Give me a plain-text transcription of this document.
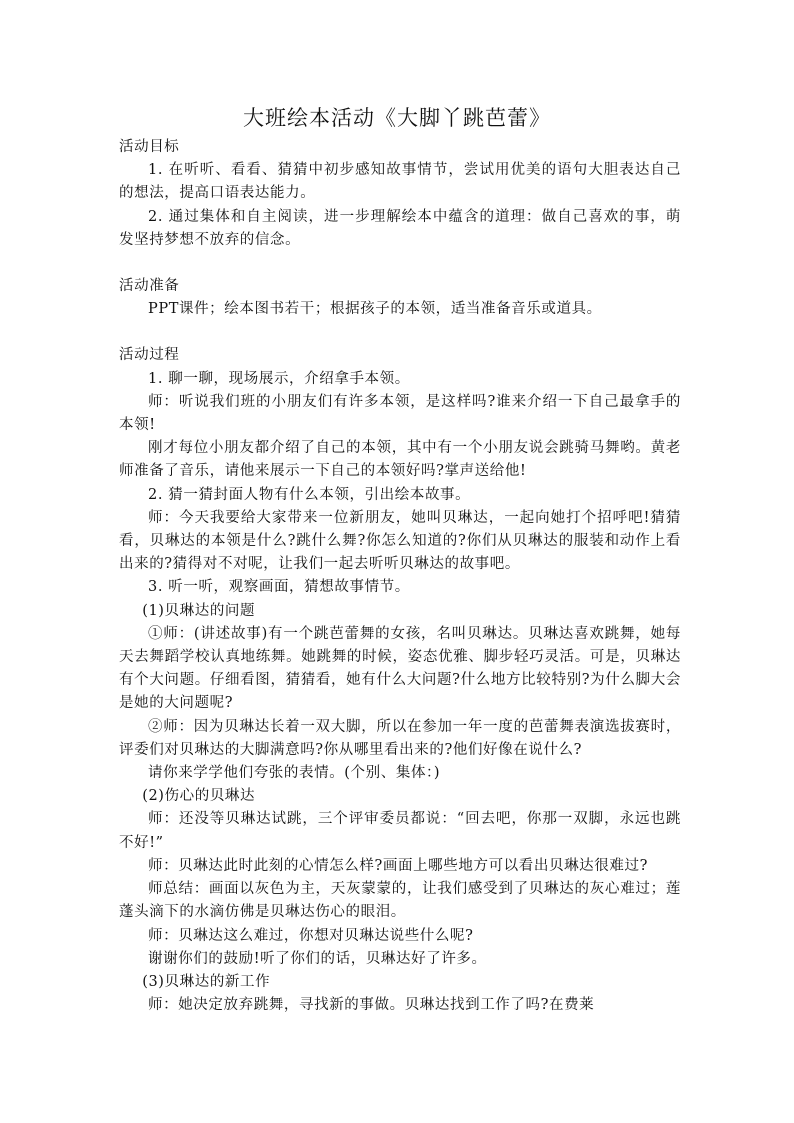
大班绘本活动《大脚丫跳芭蕾》

活动目标

1. 在听听、看看、猜猜中初步感知故事情节，尝试用优美的语句大胆表达自己的想法，提高口语表达能力。

2. 通过集体和自主阅读，进一步理解绘本中蕴含的道理：做自己喜欢的事，萌发坚持梦想不放弃的信念。

活动准备

PPT课件；绘本图书若干；根据孩子的本领，适当准备音乐或道具。

活动过程

1. 聊一聊，现场展示，介绍拿手本领。

师：听说我们班的小朋友们有许多本领，是这样吗?谁来介绍一下自己最拿手的本领!

刚才每位小朋友都介绍了自己的本领，其中有一个小朋友说会跳骑马舞哟。黄老师准备了音乐，请他来展示一下自己的本领好吗?掌声送给他!

2. 猜一猜封面人物有什么本领，引出绘本故事。

师：今天我要给大家带来一位新朋友，她叫贝琳达，一起向她打个招呼吧!猜猜看，贝琳达的本领是什么?跳什么舞?你怎么知道的?你们从贝琳达的服装和动作上看出来的?猜得对不对呢，让我们一起去听听贝琳达的故事吧。

3. 听一听，观察画面，猜想故事情节。

(1)贝琳达的问题

①师：(讲述故事)有一个跳芭蕾舞的女孩，名叫贝琳达。贝琳达喜欢跳舞，她每天去舞蹈学校认真地练舞。她跳舞的时候，姿态优雅、脚步轻巧灵活。可是，贝琳达有个大问题。仔细看图，猜猜看，她有什么大问题?什么地方比较特别?为什么脚大会是她的大问题呢?

②师：因为贝琳达长着一双大脚，所以在参加一年一度的芭蕾舞表演选拔赛时，评委们对贝琳达的大脚满意吗?你从哪里看出来的?他们好像在说什么?

请你来学学他们夸张的表情。(个别、集体：)

(2)伤心的贝琳达

师：还没等贝琳达试跳，三个评审委员都说：“回去吧，你那一双脚，永远也跳不好!”

师：贝琳达此时此刻的心情怎么样?画面上哪些地方可以看出贝琳达很难过?

师总结：画面以灰色为主，天灰蒙蒙的，让我们感受到了贝琳达的灰心难过；莲蓬头滴下的水滴仿佛是贝琳达伤心的眼泪。

师：贝琳达这么难过，你想对贝琳达说些什么呢?

谢谢你们的鼓励!听了你们的话，贝琳达好了许多。

(3)贝琳达的新工作

师：她决定放弃跳舞，寻找新的事做。贝琳达找到工作了吗?在费莱
